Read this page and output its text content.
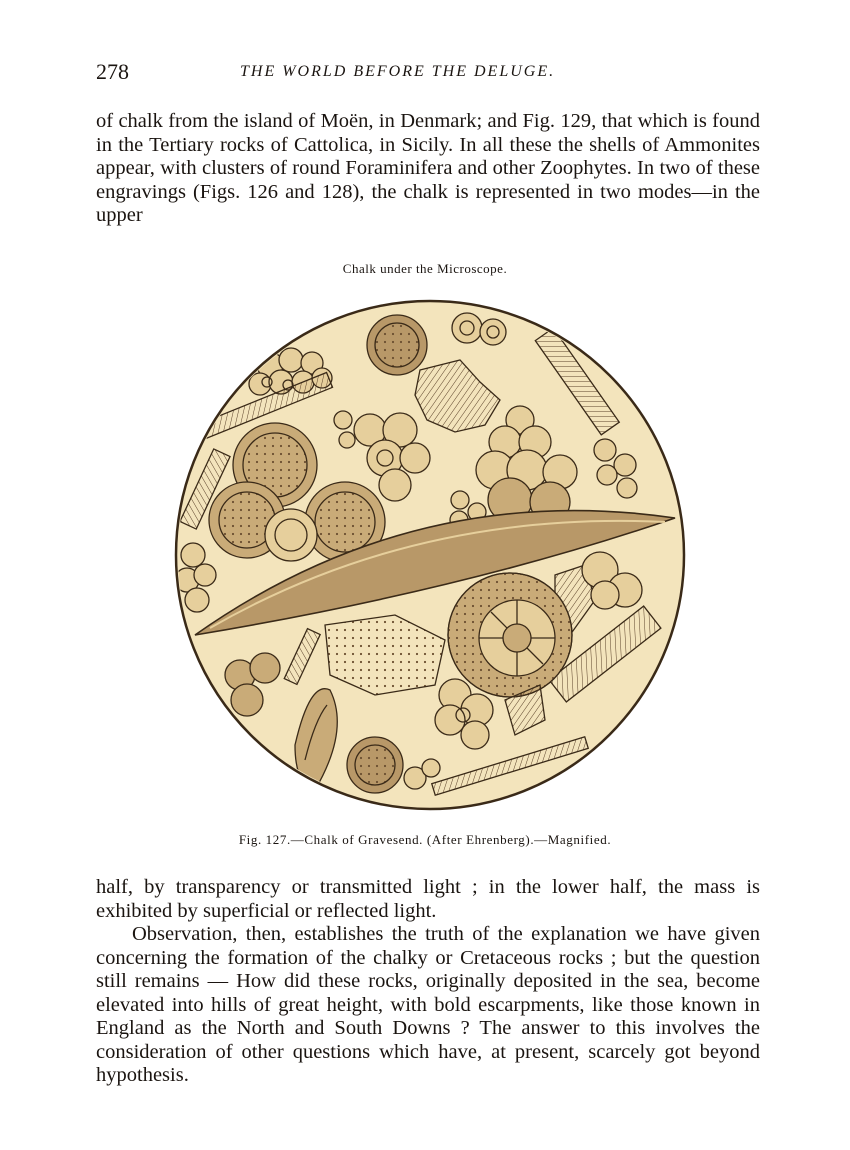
278	THE WORLD BEFORE THE DELUGE.

of chalk from the island of Moën, in Denmark; and Fig. 129, that which is found in the Tertiary rocks of Cattolica, in Sicily. In all these the shells of Ammonites appear, with clusters of round Foraminifera and other Zoophytes. In two of these engravings (Figs. 126 and 128), the chalk is represented in two modes—in the upper

Chalk under the Microscope.
Fig. 127.—Chalk of Gravesend. (After Ehrenberg).—Magnified.

half, by transparency or transmitted light ; in the lower half, the mass is exhibited by superficial or reflected light.

Observation, then, establishes the truth of the explanation we have given concerning the formation of the chalky or Cretaceous rocks ; but the question still remains — How did these rocks, originally deposited in the sea, become elevated into hills of great height, with bold escarpments, like those known in England as the North and South Downs ? The answer to this involves the consideration of other questions which have, at present, scarcely got beyond hypothesis.
